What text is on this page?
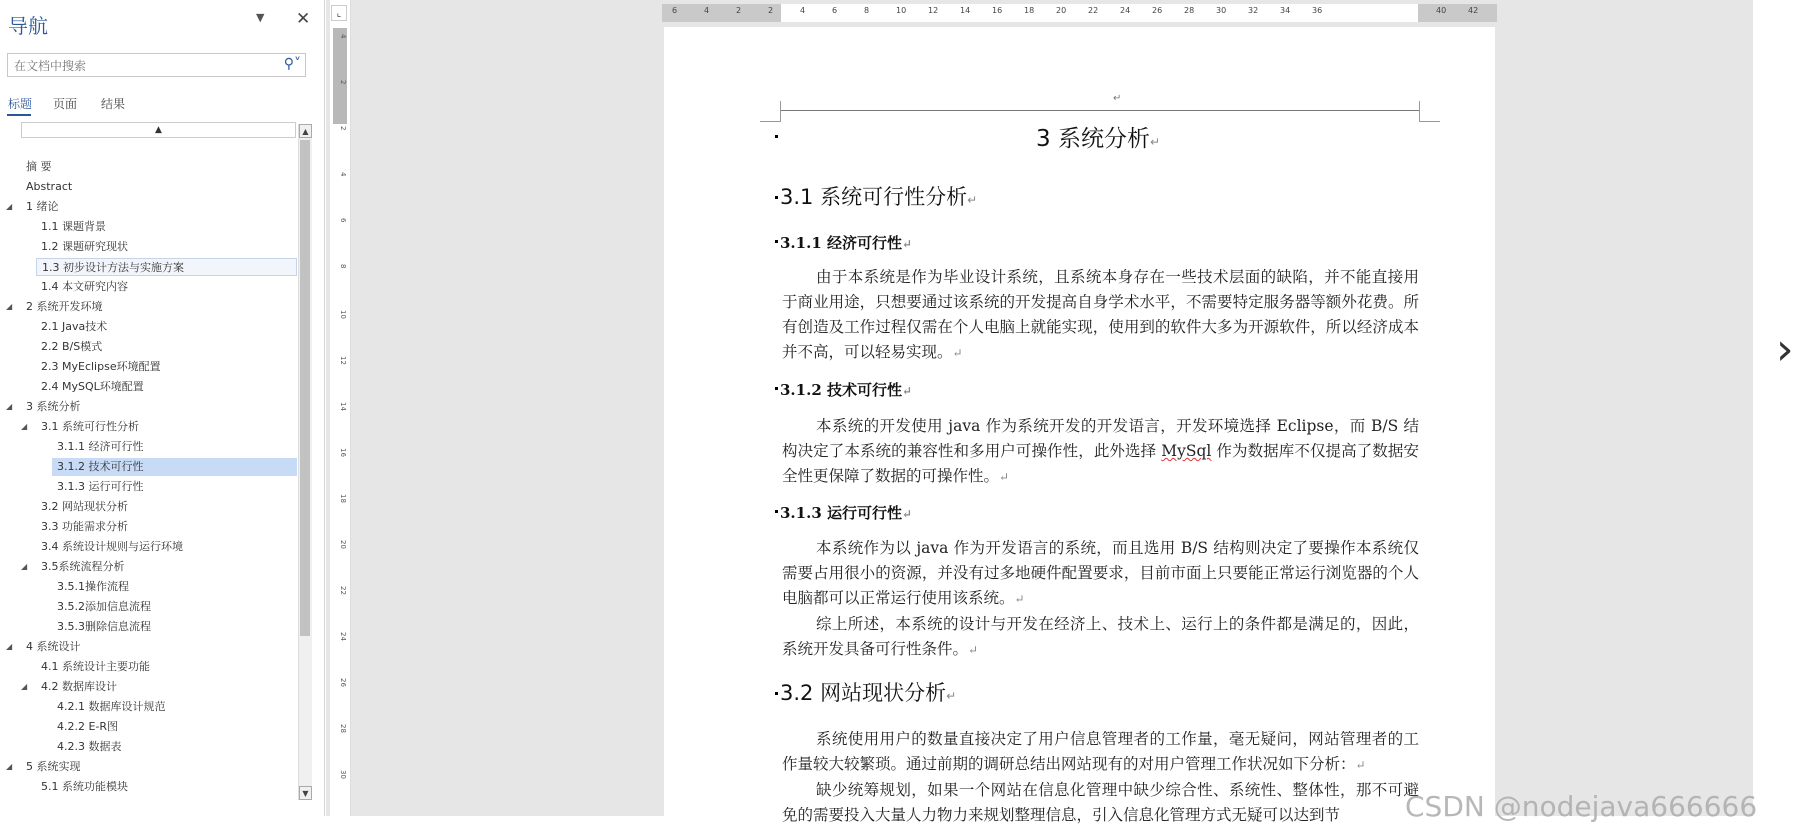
导航	▼ ✕
在文档中搜索	⚲˅
标题 页面 结果
▲
摘 要
Abstract
◢ 1 绪论
1.1 课题背景
1.2 课题研究现状
1.3 初步设计方法与实施方案
1.4 本文研究内容
◢ 2 系统开发环境
2.1 Java技术
2.2 B/S模式
2.3 MyEclipse环境配置
2.4 MySQL环境配置
◢ 3 系统分析
◢ 3.1 系统可行性分析
3.1.1 经济可行性
3.1.2 技术可行性
3.1.3 运行可行性
3.2 网站现状分析
3.3 功能需求分析
3.4 系统设计规则与运行环境
◢ 3.5系统流程分析
3.5.1操作流程
3.5.2添加信息流程
3.5.3删除信息流程
◢ 4 系统设计
4.1 系统设计主要功能
◢ 4.2 数据库设计
4.2.1 数据库设计规范
4.2.2 E-R图
4.2.3 数据表
◢ 5 系统实现
5.1 系统功能模块
▲
▼
⌞
4
2
2
4
6
8
10
12
14
16
18
20
22
24
26
28
30
6	4	2	2	4	6	8	10	12	14	16	18	20	22	24	26	28	30	32	34	36	40	42
↵
3 系统分析↵
3.1 系统可行性分析↵
3.1.1 经济可行性↵

由于本系统是作为毕业设计系统，且系统本身存在一些技术层面的缺陷，并不能直接用于商业用途，只想要通过该系统的开发提高自身学术水平，不需要特定服务器等额外花费。所有创造及工作过程仅需在个人电脑上就能实现，使用到的软件大多为开源软件，所以经济成本并不高，可以轻易实现。↵

3.1.2 技术可行性↵

本系统的开发使用 java 作为系统开发的开发语言，开发环境选择 Eclipse，而 B/S 结构决定了本系统的兼容性和多用户可操作性，此外选择 MySql 作为数据库不仅提高了数据安全性更保障了数据的可操作性。↵

3.1.3 运行可行性↵

本系统作为以 java 作为开发语言的系统，而且选用 B/S 结构则决定了要操作本系统仅需要占用很小的资源，并没有过多地硬件配置要求，目前市面上只要能正常运行浏览器的个人电脑都可以正常运行使用该系统。↵

综上所述，本系统的设计与开发在经济上、技术上、运行上的条件都是满足的，因此，系统开发具备可行性条件。↵

3.2 网站现状分析↵

系统使用用户的数量直接决定了用户信息管理者的工作量，毫无疑问，网站管理者的工作量较大较繁琐。通过前期的调研总结出网站现有的对用户管理工作状况如下分析：↵

缺少统筹规划，如果一个网站在信息化管理中缺少综合性、系统性、整体性，那不可避免的需要投入大量人力物力来规划整理信息，引入信息化管理方式无疑可以达到节

›
CSDN @nodejava666666
